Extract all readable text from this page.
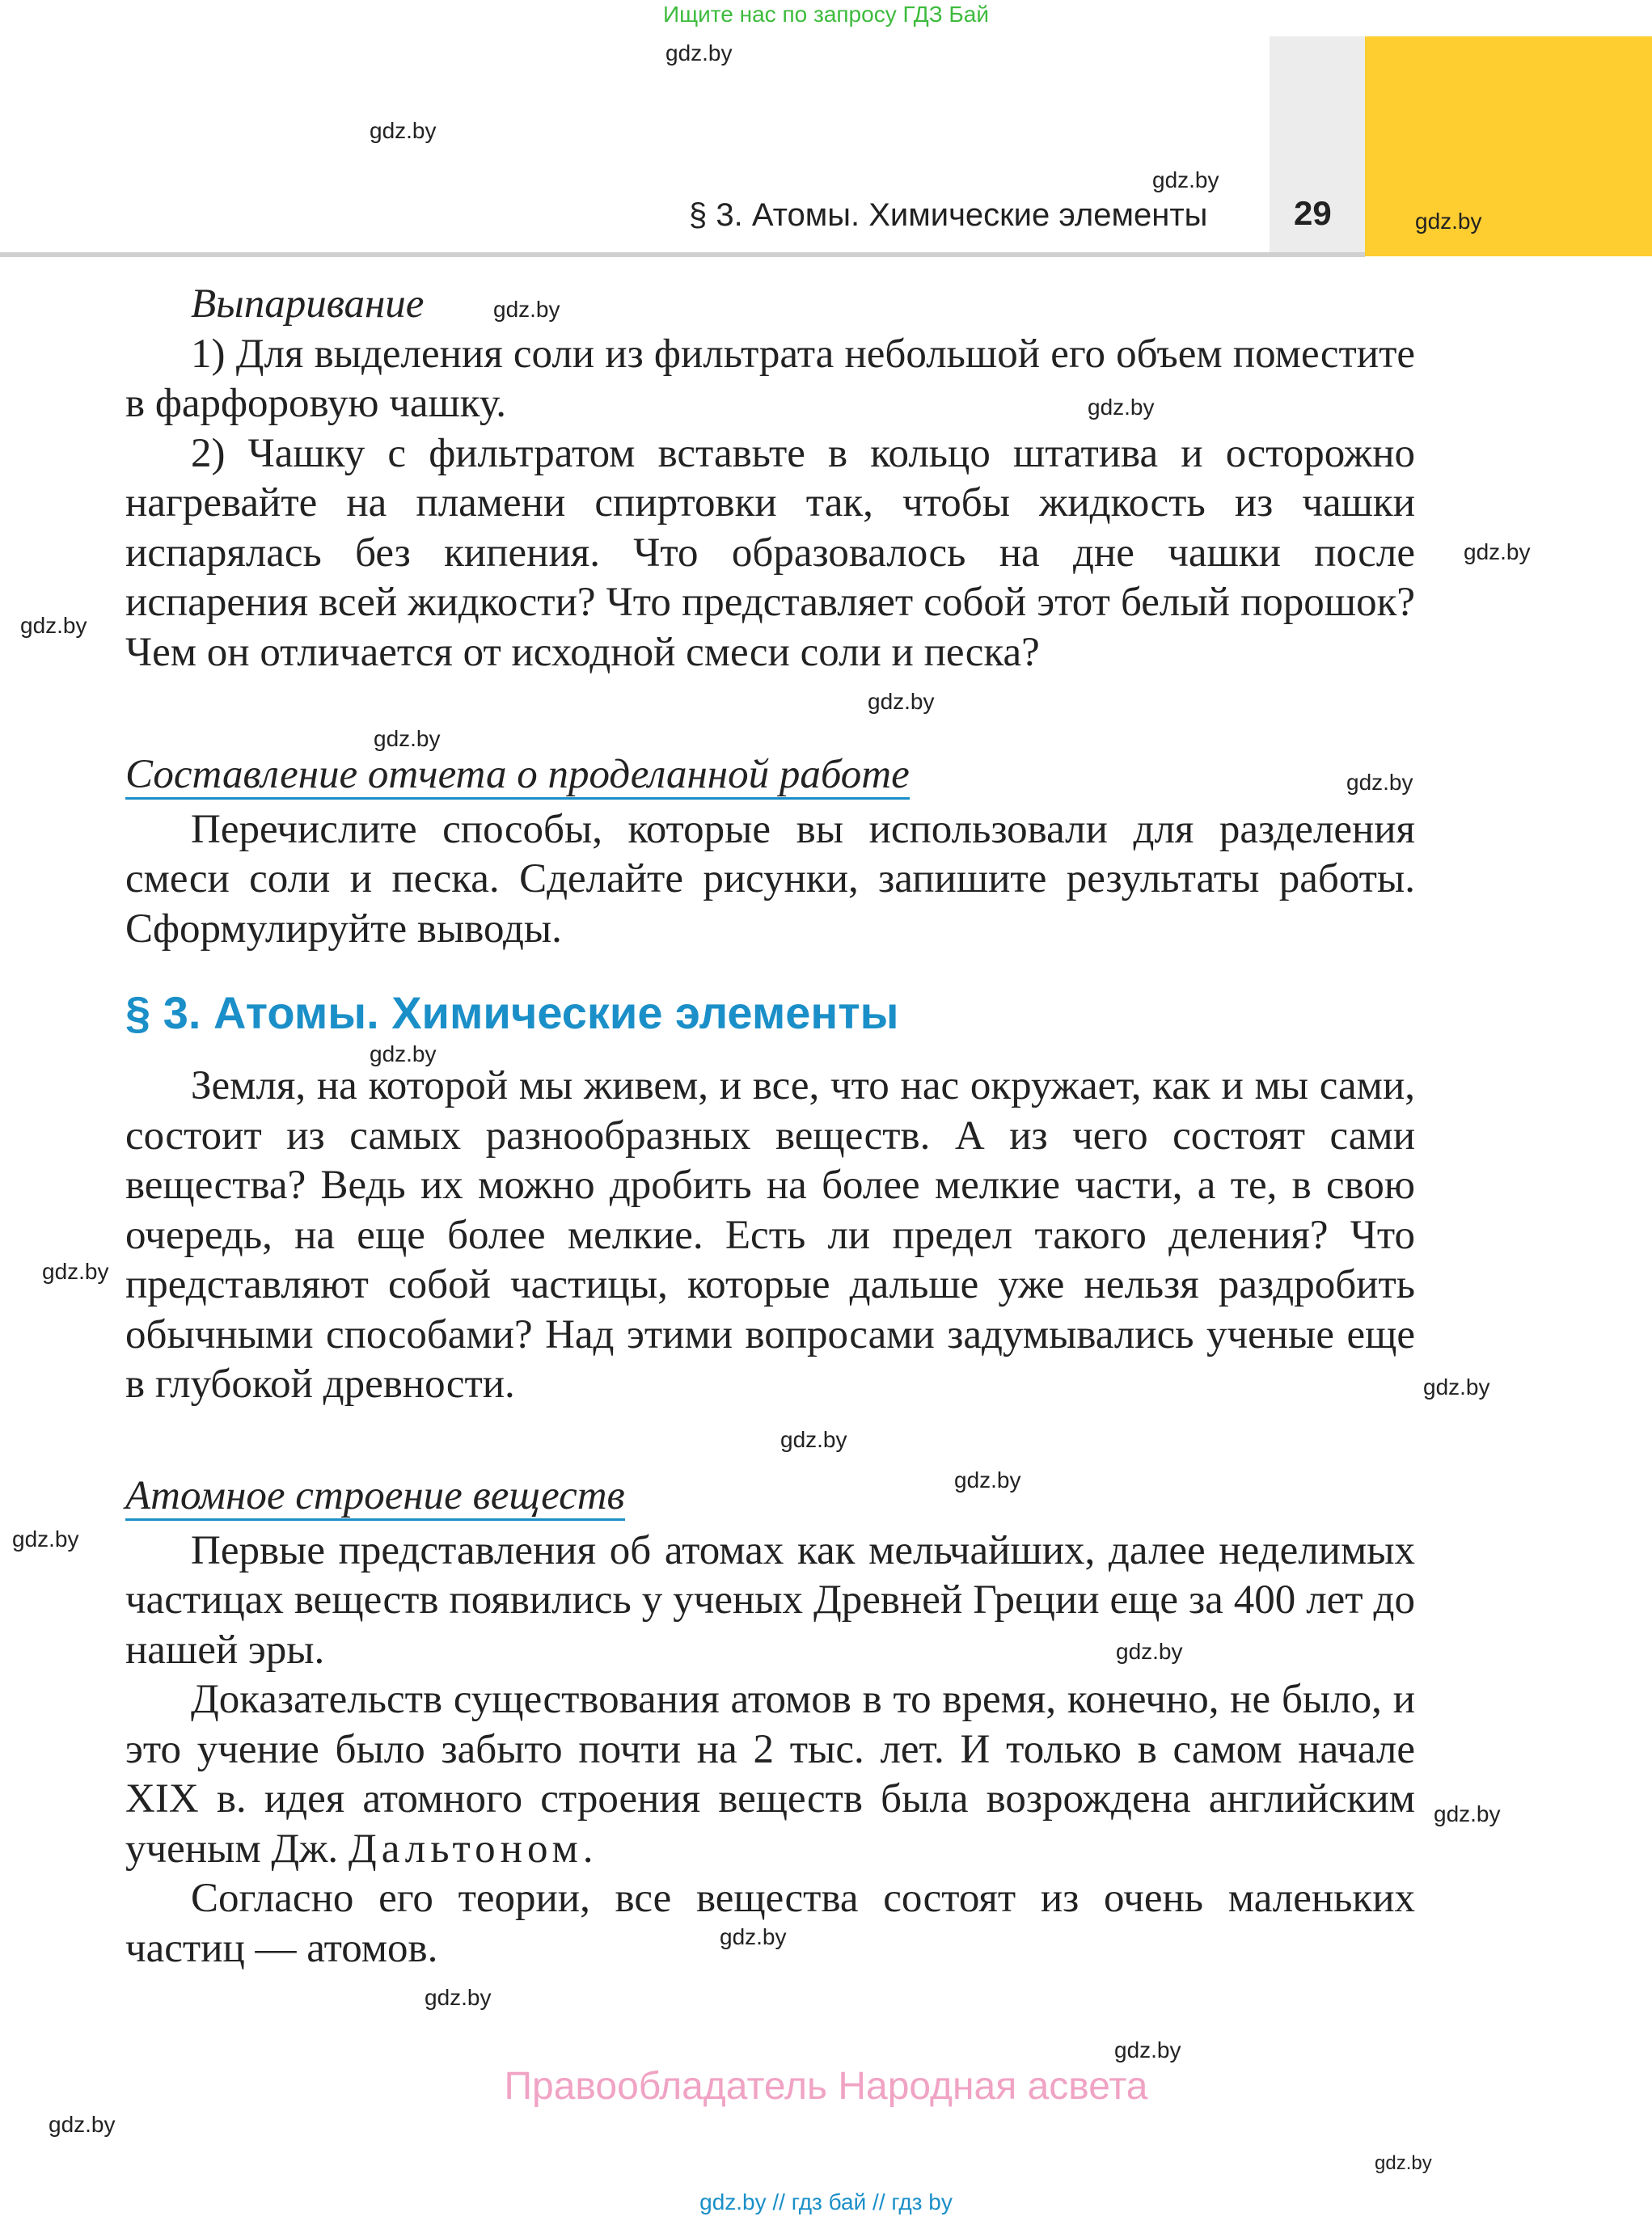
Ищите нас по запросу ГДЗ Бай
§ 3. Атомы. Химические элементы	29

Выпаривание

1) Для выделения соли из фильтрата небольшой его объем поместите в фарфоровую чашку.

2) Чашку с фильтратом вставьте в кольцо штатива и осторожно нагревайте на пламени спиртовки так, чтобы жидкость из чашки испарялась без кипения. Что образовалось на дне чашки после испарения всей жидкости? Что представляет собой этот белый порошок? Чем он отличается от исходной смеси соли и песка?

Составление отчета о проделанной работе

Перечислите способы, которые вы использовали для разделения смеси соли и песка. Сделайте рисунки, запишите результаты работы. Сформулируйте выводы.

§ 3. Атомы. Химические элементы

Земля, на которой мы живем, и все, что нас окружает, как и мы сами, состоит из самых разнообразных веществ. А из чего состоят сами вещества? Ведь их можно дробить на более мелкие части, а те, в свою очередь, на еще более мелкие. Есть ли предел такого деления? Что представляют собой частицы, которые дальше уже нельзя раздробить обычными способами? Над этими вопросами задумывались ученые еще в глубокой древности.

Атомное строение веществ

Первые представления об атомах как мельчайших, далее неделимых частицах веществ появились у ученых Древней Греции еще за 400 лет до нашей эры.

Доказательств существования атомов в то время, конечно, не было, и это учение было забыто почти на 2 тыс. лет. И только в самом начале XIX в. идея атомного строения веществ была возрождена английским ученым Дж. Дальтоном.

Согласно его теории, все вещества состоят из очень маленьких частиц — атомов.

gdz.by
gdz.by
gdz.by
gdz.by
gdz.by
gdz.by
gdz.by
gdz.by
gdz.by
gdz.by
gdz.by
gdz.by
gdz.by
gdz.by
gdz.by
gdz.by
gdz.by
gdz.by
gdz.by
gdz.by
gdz.by
gdz.by
gdz.by
gdz.by
Правообладатель Народная асвета
gdz.by // гдз бай // гдз by
